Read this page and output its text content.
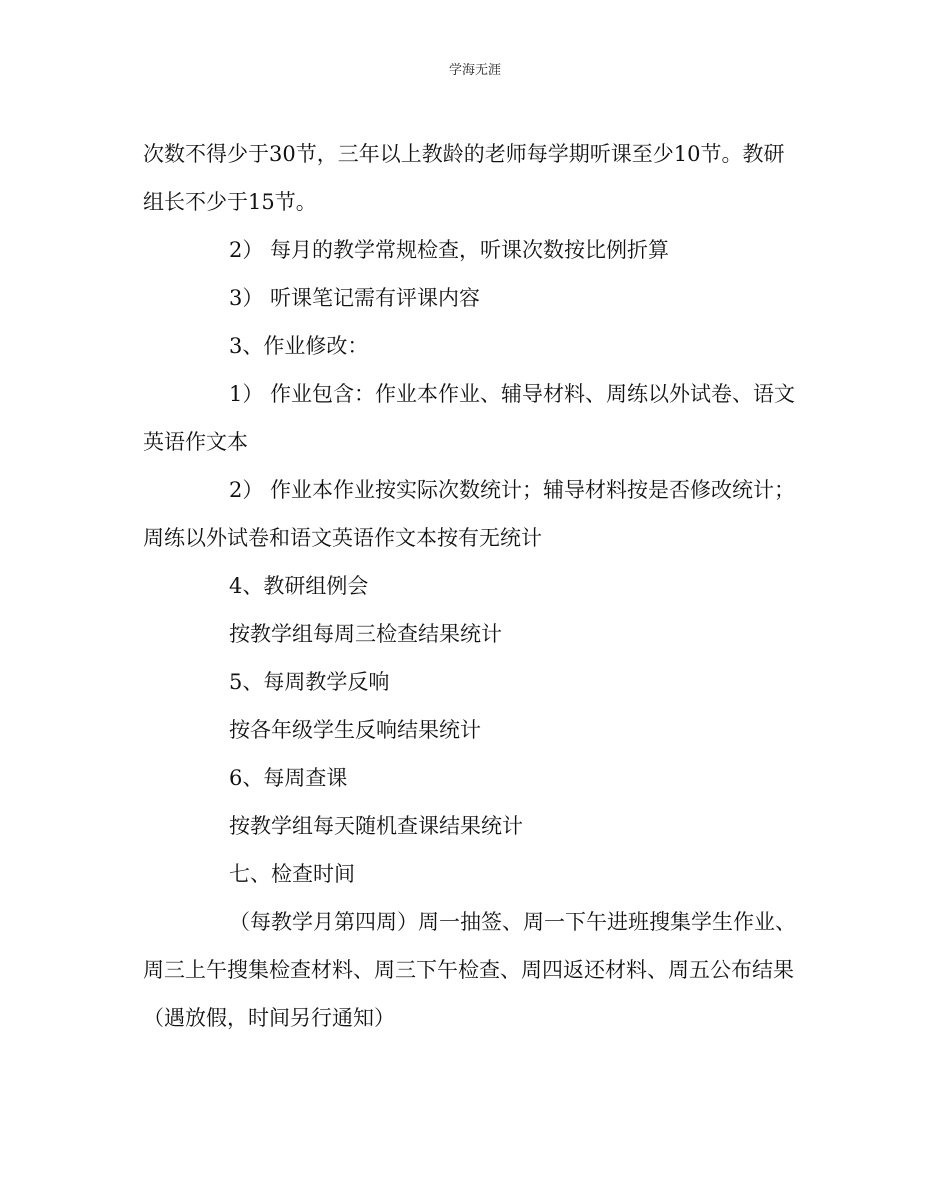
学海无涯

次数不得少于30节，三年以上教龄的老师每学期听课至少10节。教研组长不少于15节。

2） 每月的教学常规检查，听课次数按比例折算

3） 听课笔记需有评课内容

3、作业修改：

1） 作业包含：作业本作业、辅导材料、周练以外试卷、语文英语作文本

2） 作业本作业按实际次数统计；辅导材料按是否修改统计；周练以外试卷和语文英语作文本按有无统计

4、教研组例会

按教学组每周三检查结果统计

5、每周教学反响

按各年级学生反响结果统计

6、每周查课

按教学组每天随机查课结果统计

七、检查时间

（每教学月第四周）周一抽签、周一下午进班搜集学生作业、周三上午搜集检查材料、周三下午检查、周四返还材料、周五公布结果（遇放假，时间另行通知）
